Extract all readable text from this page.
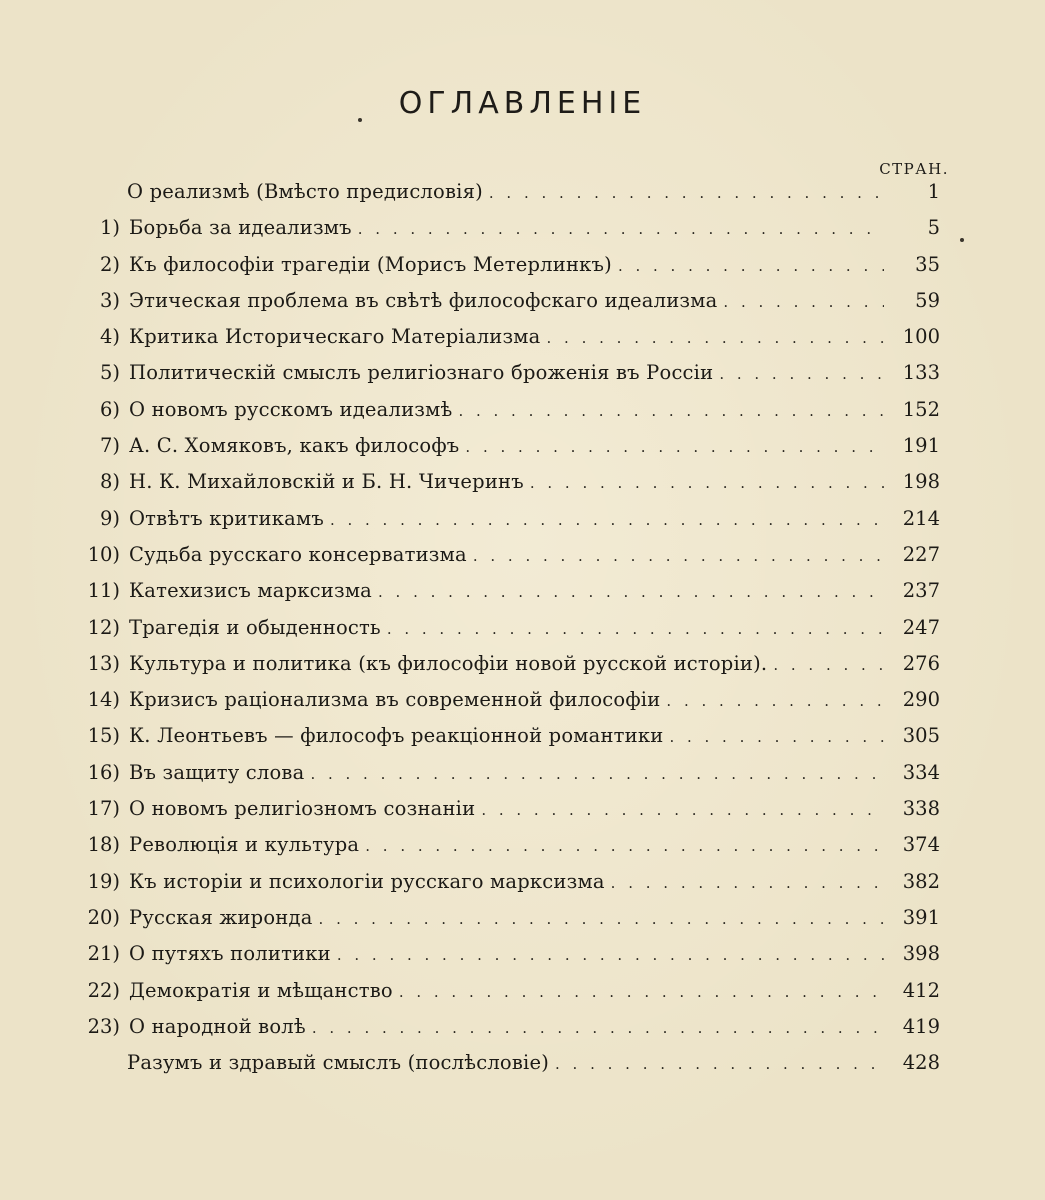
ОГЛАВЛЕНIЕ
СТРАН.
О реализмѣ (Вмѣсто предисловія) . . .	1
1) Борьба за идеализмъ . . .	5
2) Къ философіи трагедіи (Морисъ Метерлинкъ) . . .	35
3) Этическая проблема въ свѣтѣ философскаго идеализма . . .	59
4) Критика Историческаго Матеріализма . . .	100
5) Политическій смыслъ религіознаго броженія въ Россіи . . .	133
6) О новомъ русскомъ идеализмѣ . . .	152
7) А. С. Хомяковъ, какъ философъ . . .	191
8) Н. К. Михайловскій и Б. Н. Чичеринъ . . .	198
9) Отвѣтъ критикамъ . . .	214
10) Судьба русскаго консерватизма . . .	227
11) Катехизисъ марксизма . . .	237
12) Трагедія и обыденность . . .	247
13) Культура и политика (къ философіи новой русской исторіи). . . .	276
14) Кризисъ раціонализма въ современной философіи . . .	290
15) К. Леонтьевъ — философъ реакціонной романтики . . .	305
16) Въ защиту слова . . .	334
17) О новомъ религіозномъ сознаніи . . .	338
18) Революція и культура . . .	374
19) Къ исторіи и психологіи русскаго марксизма . . .	382
20) Русская жиронда . . .	391
21) О путяхъ политики . . .	398
22) Демократія и мѣщанство . . .	412
23) О народной волѣ . . .	419
Разумъ и здравый смыслъ (послѣсловіе) . . .	428
